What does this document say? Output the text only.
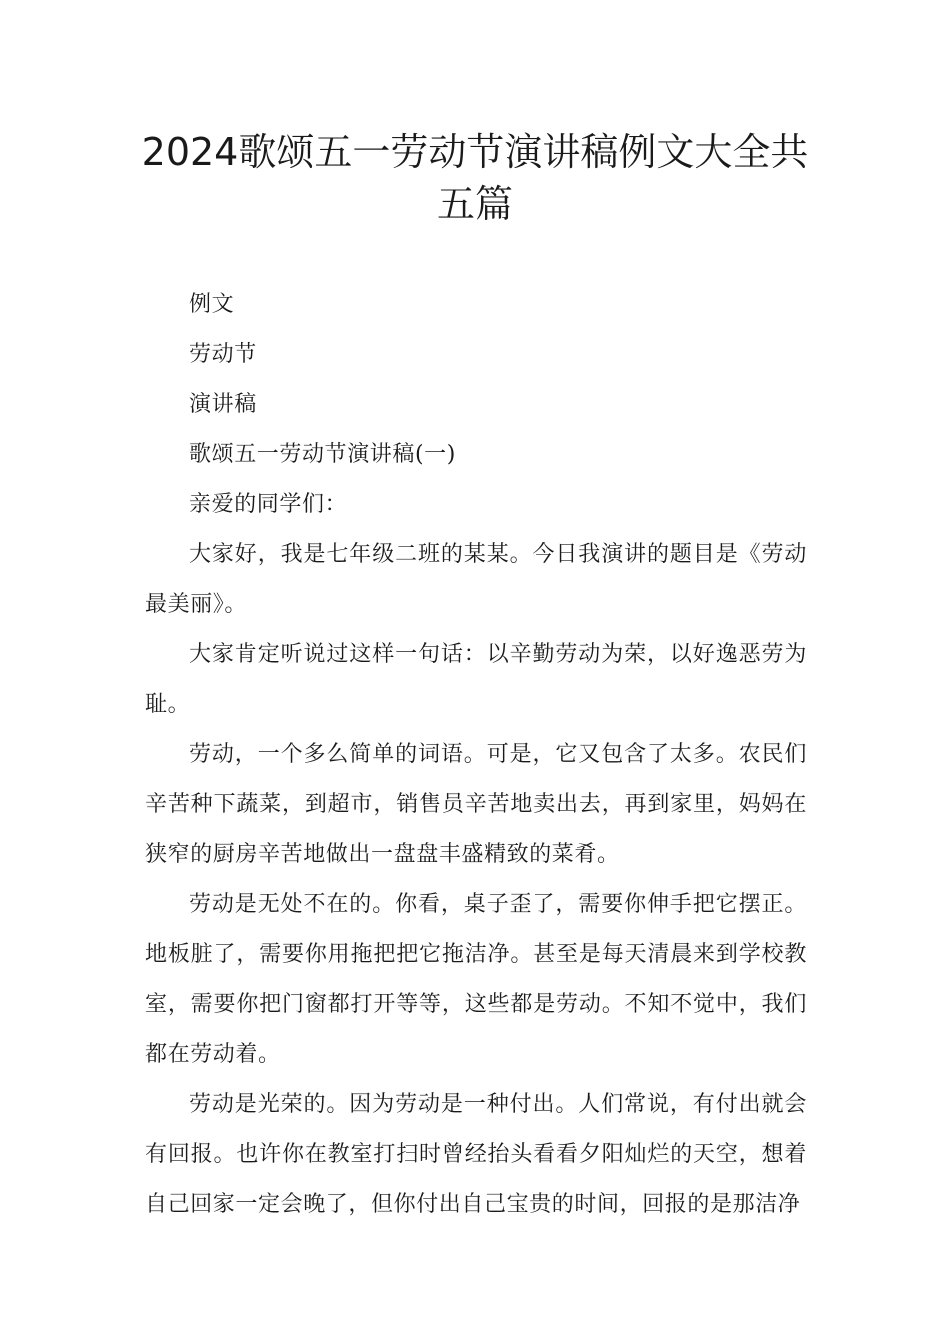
2024歌颂五一劳动节演讲稿例文大全共
五篇

例文

劳动节

演讲稿

歌颂五一劳动节演讲稿(一)

亲爱的同学们：

大家好，我是七年级二班的某某。今日我演讲的题目是《劳动最美丽》。

大家肯定听说过这样一句话：以辛勤劳动为荣，以好逸恶劳为耻。

劳动，一个多么简单的词语。可是，它又包含了太多。农民们辛苦种下蔬菜，到超市，销售员辛苦地卖出去，再到家里，妈妈在狭窄的厨房辛苦地做出一盘盘丰盛精致的菜肴。

劳动是无处不在的。你看，桌子歪了，需要你伸手把它摆正。地板脏了，需要你用拖把把它拖洁净。甚至是每天清晨来到学校教室，需要你把门窗都打开等等，这些都是劳动。不知不觉中，我们都在劳动着。

劳动是光荣的。因为劳动是一种付出。人们常说，有付出就会有回报。也许你在教室打扫时曾经抬头看看夕阳灿烂的天空，想着自己回家一定会晚了，但你付出自己宝贵的时间，回报的是那洁净
